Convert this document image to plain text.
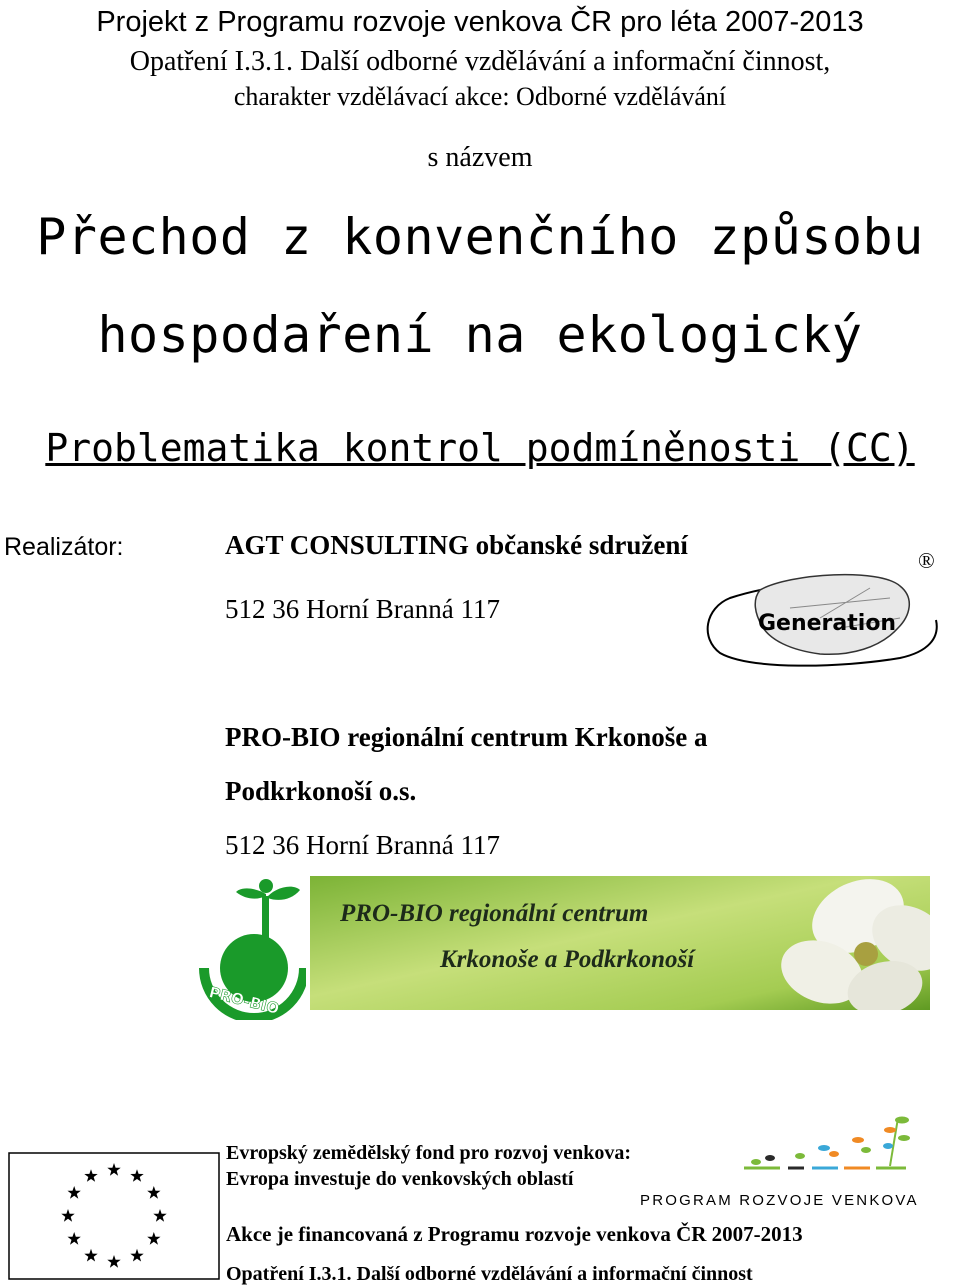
Projekt z Programu rozvoje venkova ČR pro léta 2007-2013
Opatření I.3.1. Další odborné vzdělávání a informační činnost,
charakter vzdělávací akce: Odborné vzdělávání
s názvem
Přechod z konvenčního způsobu
hospodaření na ekologický
Problematika kontrol podmíněnosti (CC)
Realizátor:	AGT CONSULTING občanské sdružení
512 36 Horní Branná 117
®
Generation
PRO-BIO regionální centrum Krkonoše a
Podkrkonoší o.s.
512 36 Horní Branná 117
PRO-BIO
PRO-BIO regionální centrum
Krkonoše a Podkrkonoší
Evropský zemědělský fond pro rozvoj venkova:
Evropa investuje do venkovských oblastí
PROGRAM ROZVOJE VENKOVA
Akce je financovaná z Programu rozvoje venkova ČR 2007-2013
Opatření I.3.1. Další odborné vzdělávání a informační činnost
